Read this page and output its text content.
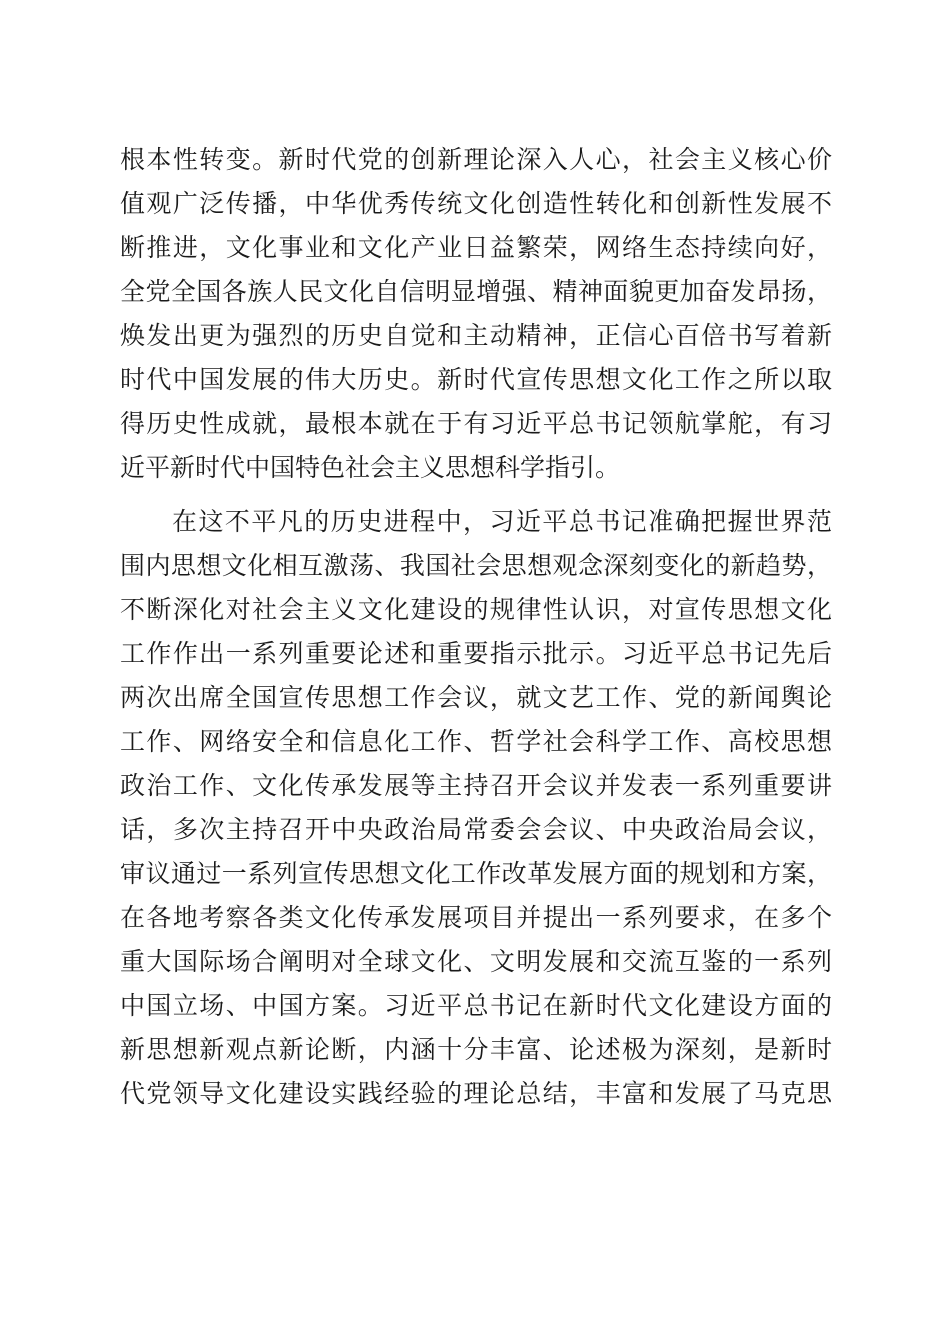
根本性转变。新时代党的创新理论深入人心，社会主义核心价
值观广泛传播，中华优秀传统文化创造性转化和创新性发展不
断推进，文化事业和文化产业日益繁荣，网络生态持续向好，
全党全国各族人民文化自信明显增强、精神面貌更加奋发昂扬，
焕发出更为强烈的历史自觉和主动精神，正信心百倍书写着新
时代中国发展的伟大历史。新时代宣传思想文化工作之所以取
得历史性成就，最根本就在于有习近平总书记领航掌舵，有习
近平新时代中国特色社会主义思想科学指引。
在这不平凡的历史进程中，习近平总书记准确把握世界范
围内思想文化相互激荡、我国社会思想观念深刻变化的新趋势，
不断深化对社会主义文化建设的规律性认识，对宣传思想文化
工作作出一系列重要论述和重要指示批示。习近平总书记先后
两次出席全国宣传思想工作会议，就文艺工作、党的新闻舆论
工作、网络安全和信息化工作、哲学社会科学工作、高校思想
政治工作、文化传承发展等主持召开会议并发表一系列重要讲
话，多次主持召开中央政治局常委会会议、中央政治局会议，
审议通过一系列宣传思想文化工作改革发展方面的规划和方案，
在各地考察各类文化传承发展项目并提出一系列要求，在多个
重大国际场合阐明对全球文化、文明发展和交流互鉴的一系列
中国立场、中国方案。习近平总书记在新时代文化建设方面的
新思想新观点新论断，内涵十分丰富、论述极为深刻，是新时
代党领导文化建设实践经验的理论总结，丰富和发展了马克思
